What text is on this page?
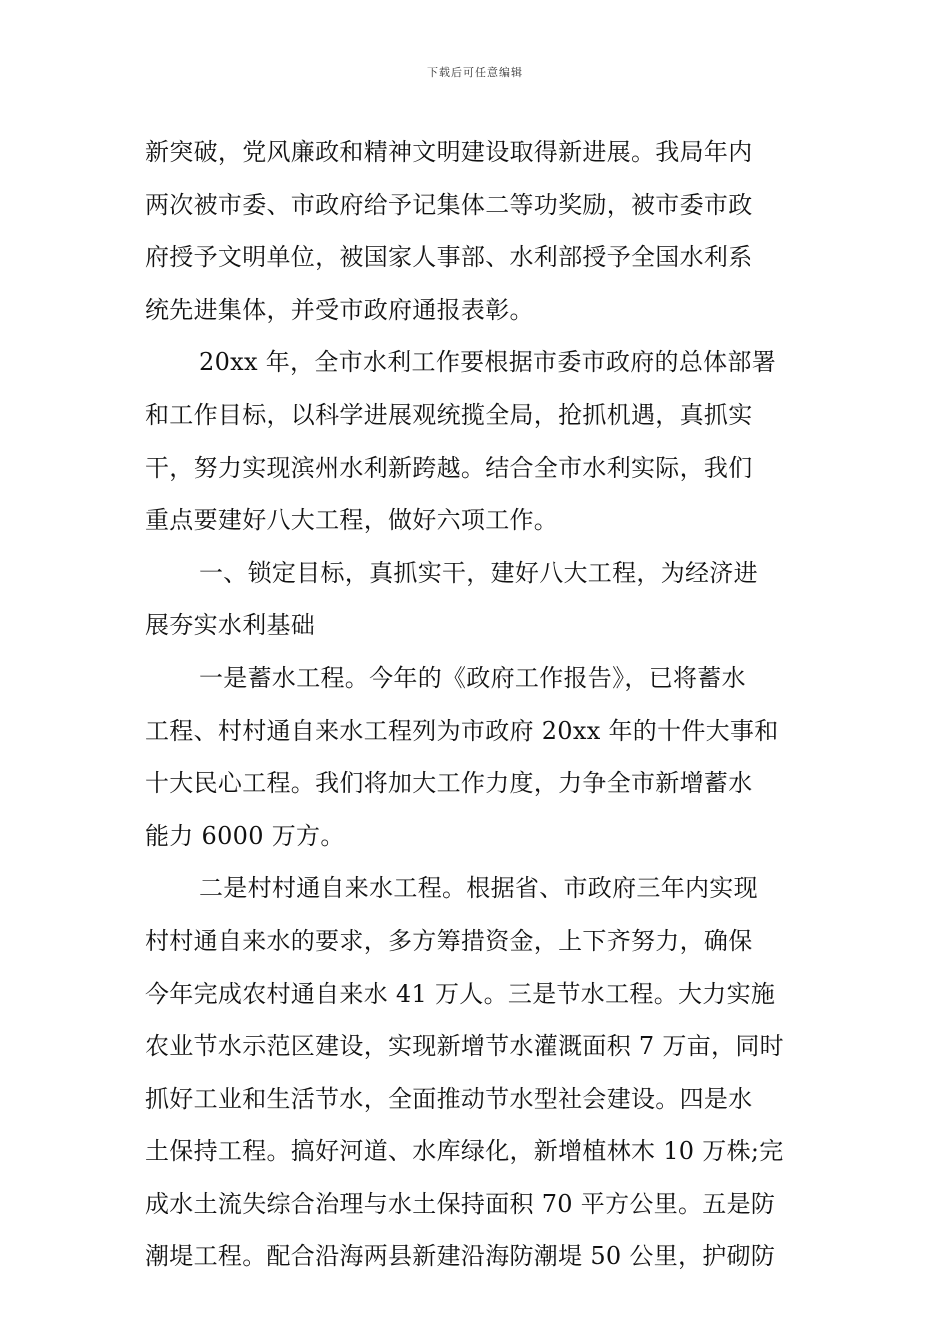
下载后可任意编辑
新突破，党风廉政和精神文明建设取得新进展。我局年内
两次被市委、市政府给予记集体二等功奖励，被市委市政
府授予文明单位，被国家人事部、水利部授予全国水利系
统先进集体，并受市政府通报表彰。
20xx 年，全市水利工作要根据市委市政府的总体部署
和工作目标，以科学进展观统揽全局，抢抓机遇，真抓实
干，努力实现滨州水利新跨越。结合全市水利实际，我们
重点要建好八大工程，做好六项工作。
一、锁定目标，真抓实干，建好八大工程，为经济进
展夯实水利基础
一是蓄水工程。今年的《政府工作报告》，已将蓄水
工程、村村通自来水工程列为市政府 20xx 年的十件大事和
十大民心工程。我们将加大工作力度，力争全市新增蓄水
能力 6000 万方。
二是村村通自来水工程。根据省、市政府三年内实现
村村通自来水的要求，多方筹措资金，上下齐努力，确保
今年完成农村通自来水 41 万人。三是节水工程。大力实施
农业节水示范区建设，实现新增节水灌溉面积 7 万亩，同时
抓好工业和生活节水，全面推动节水型社会建设。四是水
土保持工程。搞好河道、水库绿化，新增植林木 10 万株;完
成水土流失综合治理与水土保持面积 70 平方公里。五是防
潮堤工程。配合沿海两县新建沿海防潮堤 50 公里，护砌防
